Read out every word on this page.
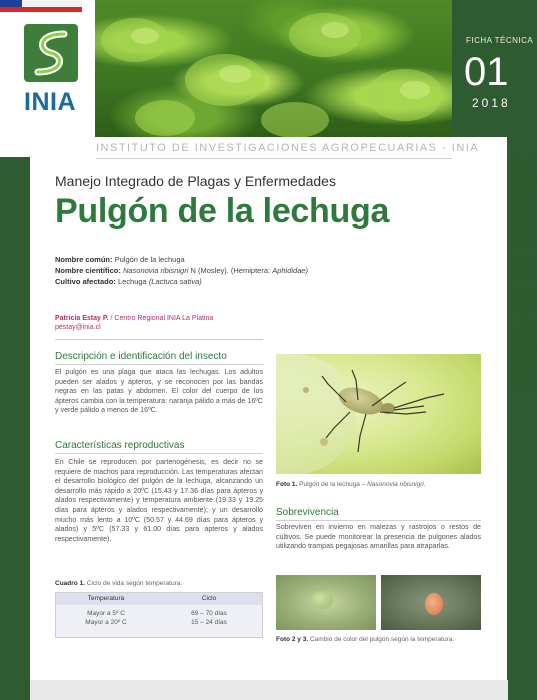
INIA
FICHA TÉCNICA
01
2018
INSTITUTO DE INVESTIGACIONES AGROPECUARIAS - INIA
plaga de la lechuga
Manejo Integrado de Plagas y Enfermedades
Pulgón de la lechuga
Nombre común: Pulgón de la lechuga
Nombre científico: Nasonovia ribisnigri N (Mosley). (Hemiptera: Aphididae)
Cultivo afectado: Lechuga (Lactuca sativa)
Patricia Estay P. / Centro Regional INIA La Platina
pestay@inia.cl
Descripción e identificación del insecto
El pulgón es una plaga que ataca las lechugas. Los adultos pueden ser alados y ápteros, y se reconocen por las bandas negras en las patas y abdomen. El color del cuerpo de los ápteros cambia con la temperatura: naranja pálido a más de 16ºC y verde pálido a menos de 16ºC.
Características reproductivas
En Chile se reproducen por partenogénesis, es decir no se requiere de machos para reproducción. Las temperaturas afectan el desarrollo biológico del pulgón de la lechuga, alcanzando un desarrollo más rápido a 20ºC (15.43 y 17.36 días para ápteros y alados respectivamente) y temperatura ambiente (19.33 y 19.25 días para ápteros y alados respectivamente); y un desarrollo mucho más lento a 10ºC (50.57 y 44.69 días para ápteros y alados) y 5ºC (57.33 y 61.00 días para ápteros y alados respectivamente).
Cuadro 1. Ciclo de vida según temperatura.
Temperatura	Ciclo
Mayor a 5º C	69 – 70 días
Mayor a 20º C	15 – 24 días
Foto 1. Pulgón de la lechuga – Nasonovia ribisnigri.
Sobrevivencia
Sobreviven en invierno en malezas y rastrojos o restos de cultivos. Se puede monitorear la presencia de pulgones alados utilizando trampas pegajosas amarillas para atraparlas.
Foto 2 y 3. Cambio de color del pulgón según la temperatura.
